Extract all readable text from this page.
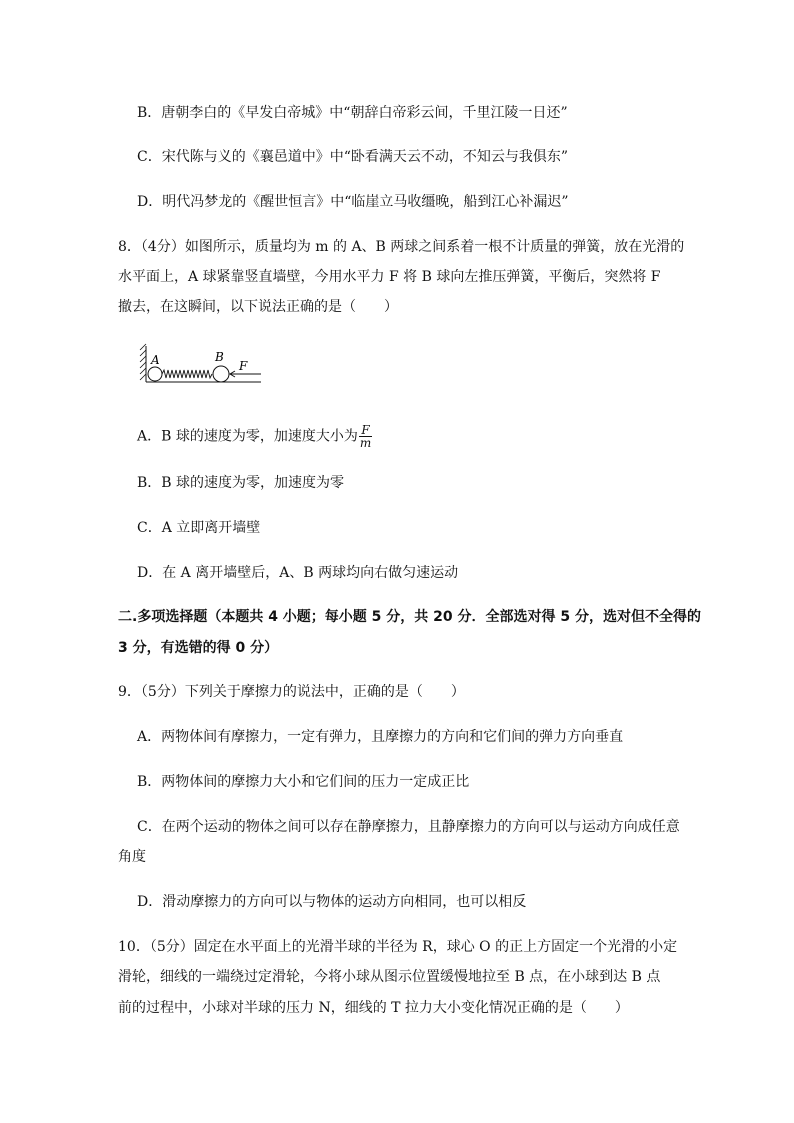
B．唐朝李白的《早发白帝城》中“朝辞白帝彩云间，千里江陵一日还”
C．宋代陈与义的《襄邑道中》中“卧看满天云不动，不知云与我俱东”
D．明代冯梦龙的《醒世恒言》中“临崖立马收缰晚，船到江心补漏迟”
8．（4分）如图所示，质量均为 m 的 A、B 两球之间系着一根不计质量的弹簧，放在光滑的
水平面上，A 球紧靠竖直墙壁，今用水平力 F 将 B 球向左推压弹簧，平衡后，突然将 F
撤去，在这瞬间，以下说法正确的是（　　）
A	B
F
A．B 球的速度为零，加速度大小为 $\frac{F}{m}$
B．B 球的速度为零，加速度为零
C．A 立即离开墙壁
D．在 A 离开墙壁后，A、B 两球均向右做匀速运动
二.多项选择题（本题共 4 小题；每小题 5 分，共 20 分．全部选对得 5 分，选对但不全得的
3 分，有选错的得 0 分）
9．（5分）下列关于摩擦力的说法中，正确的是（　　）
A．两物体间有摩擦力，一定有弹力，且摩擦力的方向和它们间的弹力方向垂直
B．两物体间的摩擦力大小和它们间的压力一定成正比
C．在两个运动的物体之间可以存在静摩擦力，且静摩擦力的方向可以与运动方向成任意
角度
D．滑动摩擦力的方向可以与物体的运动方向相同，也可以相反
10．（5分）固定在水平面上的光滑半球的半径为 R，球心 O 的正上方固定一个光滑的小定
滑轮，细线的一端绕过定滑轮，今将小球从图示位置缓慢地拉至 B 点，在小球到达 B 点
前的过程中，小球对半球的压力 N，细线的 T 拉力大小变化情况正确的是（　　）
